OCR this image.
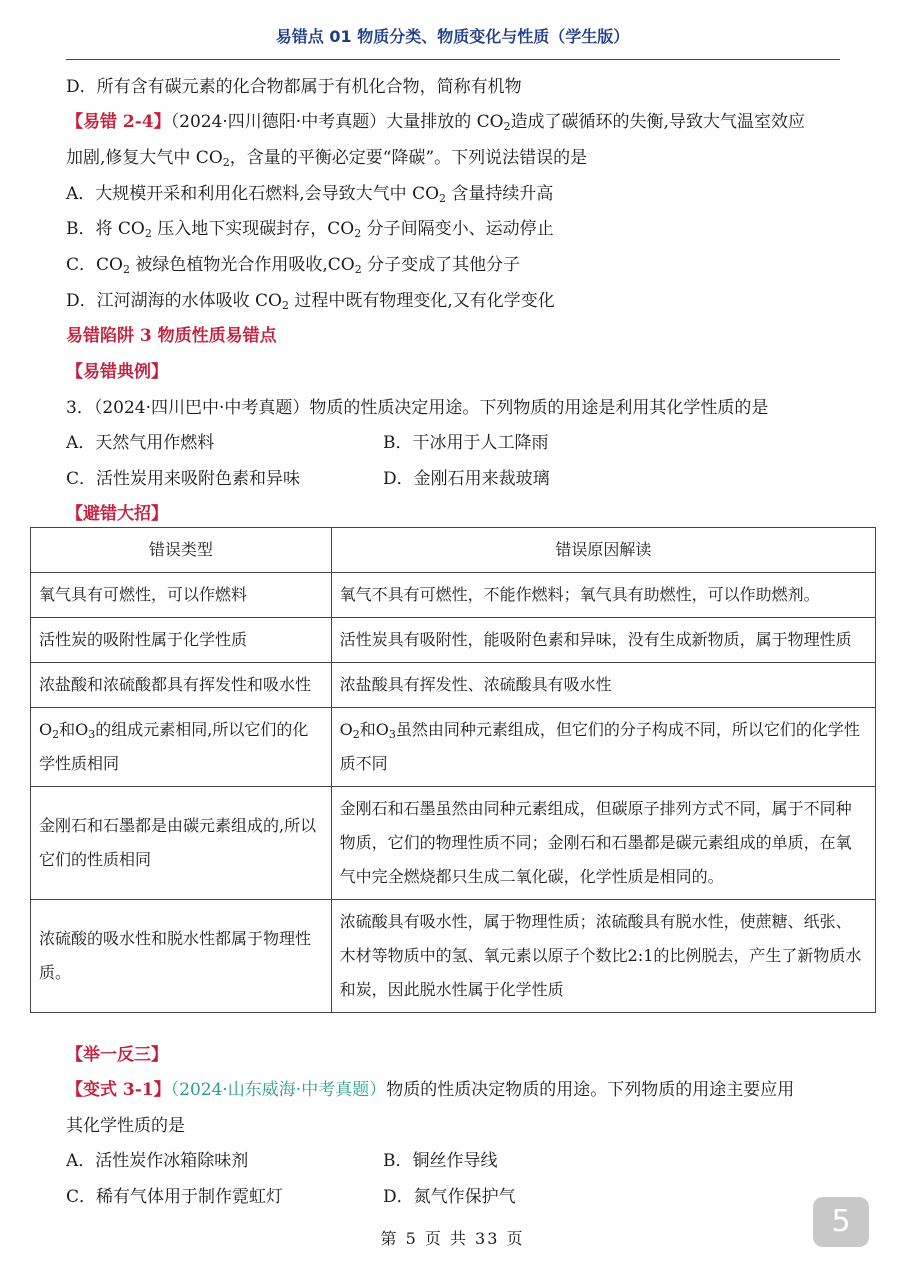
易错点 01 物质分类、物质变化与性质（学生版）
D．所有含有碳元素的化合物都属于有机化合物，简称有机物
【易错 2-4】（2024·四川德阳·中考真题）大量排放的 $CO_2$造成了碳循环的失衡,导致大气温室效应
加剧,修复大气中 $CO_2$，含量的平衡必定要“降碳”。下列说法错误的是
A．大规模开采和利用化石燃料,会导致大气中 $CO_2$ 含量持续升高
B．将 $CO_2$ 压入地下实现碳封存，$CO_2$ 分子间隔变小、运动停止
C．$CO_2$ 被绿色植物光合作用吸收$,CO_2$ 分子变成了其他分子
D．江河湖海的水体吸收 $CO_2$ 过程中既有物理变化,又有化学变化
易错陷阱 3 物质性质易错点
【易错典例】
3．（2024·四川巴中·中考真题）物质的性质决定用途。下列物质的用途是利用其化学性质的是
A．天然气用作燃料	B．干冰用于人工降雨
C．活性炭用来吸附色素和异味	D．金刚石用来裁玻璃
【避错大招】
错误类型	错误原因解读
氧气具有可燃性，可以作燃料	氧气不具有可燃性，不能作燃料；氧气具有助燃性，可以作助燃剂。
活性炭的吸附性属于化学性质	活性炭具有吸附性，能吸附色素和异味，没有生成新物质，属于物理性质
浓盐酸和浓硫酸都具有挥发性和吸水性	浓盐酸具有挥发性、浓硫酸具有吸水性
$O_2$和$O_3$的组成元素相同,所以它们的化学性质相同	$O_2$和$O_3$虽然由同种元素组成，但它们的分子构成不同，所以它们的化学性质不同
金刚石和石墨都是由碳元素组成的,所以它们的性质相同	金刚石和石墨虽然由同种元素组成，但碳原子排列方式不同，属于不同种物质，它们的物理性质不同；金刚石和石墨都是碳元素组成的单质，在氧气中完全燃烧都只生成二氧化碳，化学性质是相同的。
浓硫酸的吸水性和脱水性都属于物理性质。	浓硫酸具有吸水性，属于物理性质；浓硫酸具有脱水性，使蔗糖、纸张、木材等物质中的氢、氧元素以原子个数比2:1的比例脱去，产生了新物质水和炭，因此脱水性属于化学性质
【举一反三】
【变式 3-1】（2024·山东威海·中考真题）物质的性质决定物质的用途。下列物质的用途主要应用
其化学性质的是
A．活性炭作冰箱除味剂	B．铜丝作导线
C．稀有气体用于制作霓虹灯	D．氮气作保护气
第 5 页 共 33 页	5
